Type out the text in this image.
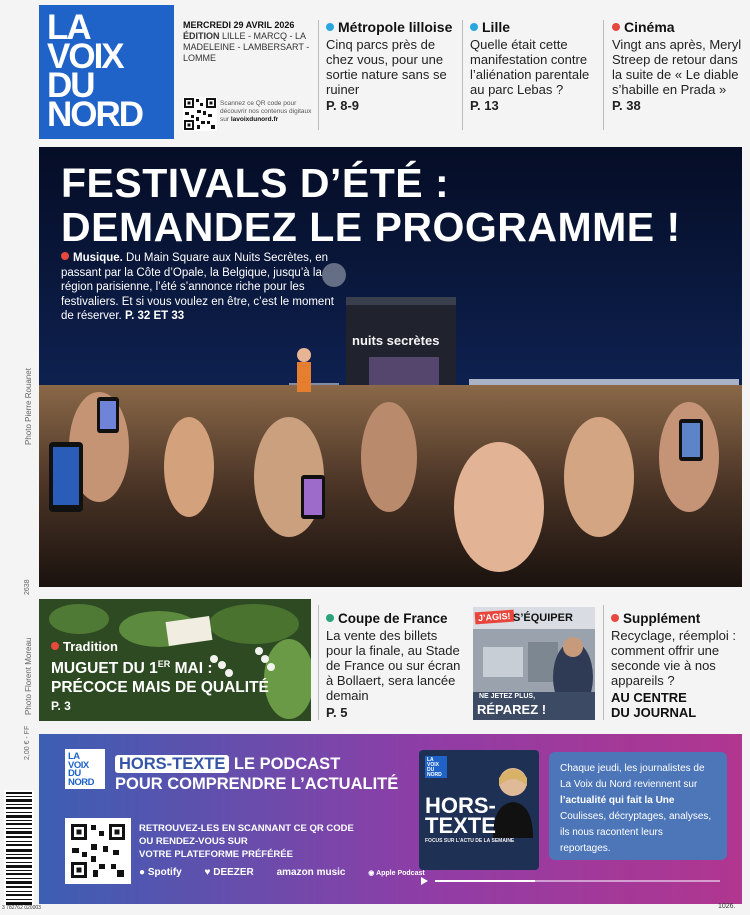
LA
VOIX
DU
NORD
MERCREDI 29 AVRIL 2026
ÉDITION LILLE - MARCQ - LA MADELEINE - LAMBERSART - LOMME
Scannez ce QR code pour découvrir nos contenus digitaux sur lavoixdunord.fr
Métropole lilloise
Cinq parcs près de chez vous, pour une sortie nature sans se ruiner
P. 8-9
Lille
Quelle était cette manifestation contre l’aliénation parentale au parc Lebas ?
P. 13
Cinéma
Vingt ans après, Meryl Streep de retour dans la suite de « Le diable s’habille en Prada »
P. 38
nuits secrètes
FESTIVALS D’ÉTÉ :
DEMANDEZ LE PROGRAMME !
Musique. Du Main Square aux Nuits Secrètes, en passant par la Côte d’Opale, la Belgique, jusqu’à la région parisienne, l’été s’annonce riche pour les festivaliers. Et si vous voulez en être, c’est le moment de réserver. P. 32 ET 33
Photo Pierre Rouanet
2638
Photo Florent Moreau
2,00 € - FF
Tradition
MUGUET DU 1ER MAI :
PRÉCOCE MAIS DE QUALITÉ
P. 3
Coupe de France
La vente des billets pour la finale, au Stade de France ou sur écran à Bollaert, sera lancée demain
P. 5
J’AGIS! S’ÉQUIPER
NE JETEZ PLUS,
RÉPAREZ !
Supplément
Recyclage, réemploi : comment offrir une seconde vie à nos appareils ?
AU CENTRE
DU JOURNAL
LA
VOIX
DU
NORD
HORS-TEXTE LE PODCAST
POUR COMPRENDRE L’ACTUALITÉ
RETROUVEZ-LES EN SCANNANT CE QR CODE
OU RENDEZ-VOUS SUR
VOTRE PLATEFORME PRÉFÉRÉE
● Spotify ♥ DEEZER amazon music	◉ Apple Podcast
LA
VOIX
DU
NORD
HORS-
TEXTE
FOCUS SUR L’ACTU DE LA SEMAINE
Chaque jeudi, les journalistes de La Voix du Nord reviennent sur l’actualité qui fait la Une Coulisses, décryptages, analyses, ils nous racontent leurs reportages.
3 782762 020003	1026.
